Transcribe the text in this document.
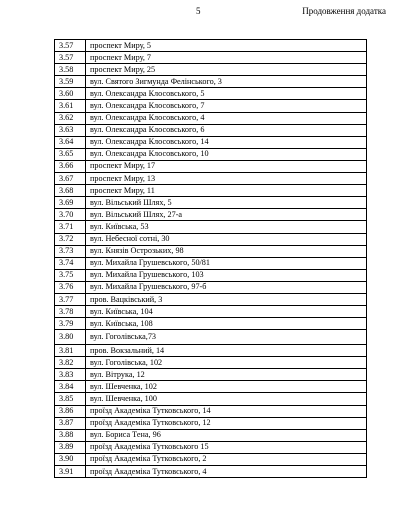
5	Продовження додатка
3.57	проспект Миру, 5
3.57	проспект Миру, 7
3.58	проспект Миру, 25
3.59	вул. Святого Зигмунда Фелінського, 3
3.60	вул. Олександра Клосовського, 5
3.61	вул. Олександра Клосовського, 7
3.62	вул. Олександра Клосовського, 4
3.63	вул. Олександра Клосовського, 6
3.64	вул. Олександра Клосовського, 14
3.65	вул. Олександра Клосовського, 10
3.66	проспект Миру, 17
3.67	проспект Миру, 13
3.68	проспект Миру, 11
3.69	вул. Вільський Шлях, 5
3.70	вул. Вільський Шлях, 27-а
3.71	вул. Київська, 53
3.72	вул. Небесної сотні, 30
3.73	вул. Князів Острозьких, 98
3.74	вул. Михайла Грушевського, 50/81
3.75	вул. Михайла Грушевського, 103
3.76	вул. Михайла Грушевського, 97-б
3.77	пров. Вацківський, 3
3.78	вул. Київська, 104
3.79	вул. Київська, 108
3.80	вул. Гоголівська,73
3.81	пров. Вокзальний, 14
3.82	вул. Гоголівська, 102
3.83	вул. Вітрука, 12
3.84	вул. Шевченка, 102
3.85	вул. Шевченка, 100
3.86	проїзд Академіка Тутковського, 14
3.87	проїзд Академіка Тутковського, 12
3.88	вул. Бориса Тена, 96
3.89	проїзд Академіка Тутковського 15
3.90	проїзд Академіка Тутковського, 2
3.91	проїзд Академіка Тутковського, 4
